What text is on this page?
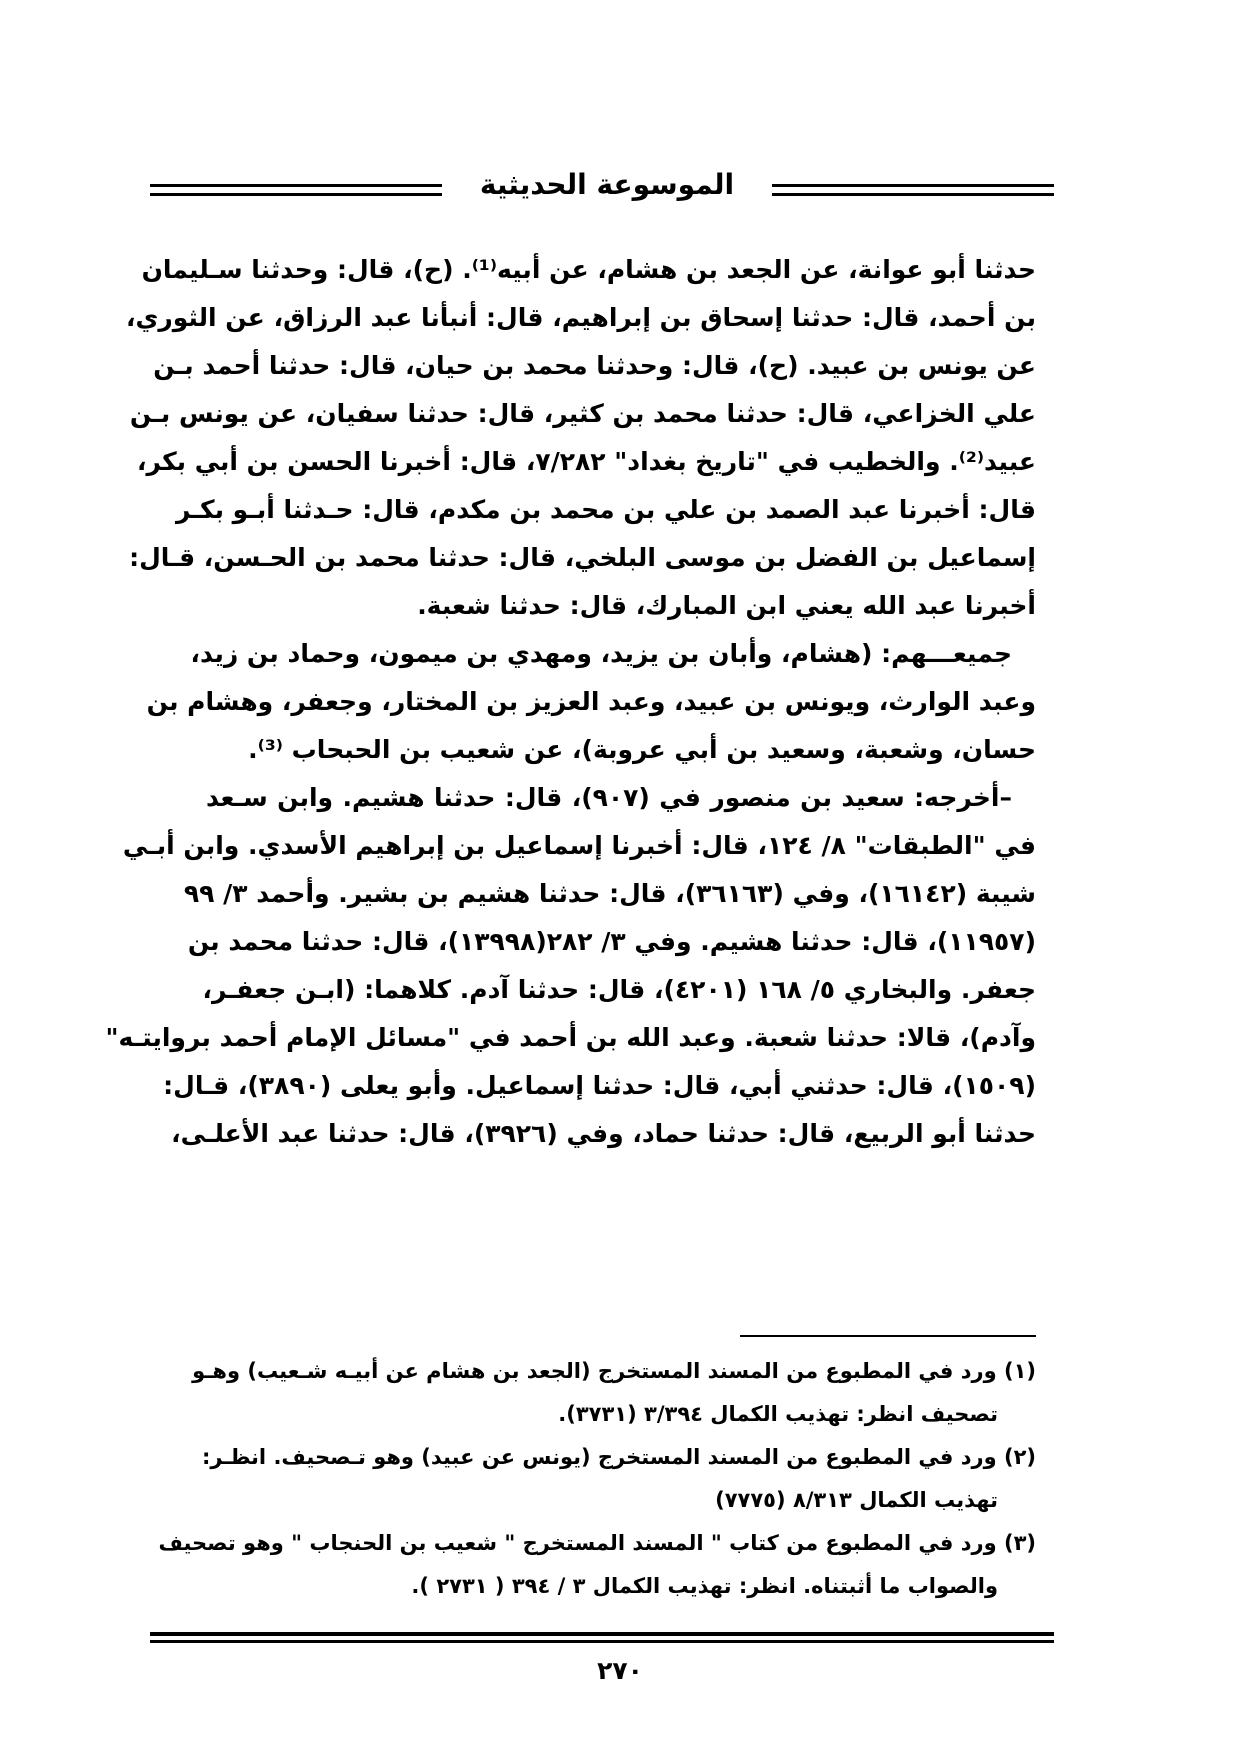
الموسوعة الحديثية
حدثنا أبو عوانة، عن الجعد بن هشام، عن أبيه⁽¹⁾. (ح)، قال: وحدثنا سـليمان
بن أحمد، قال: حدثنا إسحاق بن إبراهيم، قال: أنبأنا عبد الرزاق، عن الثوري،
عن يونس بن عبيد. (ح)، قال: وحدثنا محمد بن حيان، قال: حدثنا أحمد بـن
علي الخزاعي، قال: حدثنا محمد بن كثير، قال: حدثنا سفيان، عن يونس بـن
عبيد⁽²⁾. والخطيب في "تاريخ بغداد" ٧/٢٨٢، قال: أخبرنا الحسن بن أبي بكر،
قال: أخبرنا عبد الصمد بن علي بن محمد بن مكدم، قال: حـدثنا أبـو بكـر
إسماعيل بن الفضل بن موسى البلخي، قال: حدثنا محمد بن الحـسن، قـال:
أخبرنا عبد الله يعني ابن المبارك، قال: حدثنا شعبة.
جميعـــهم: (هشام، وأبان بن يزيد، ومهدي بن ميمون، وحماد بن زيد،
وعبد الوارث، ويونس بن عبيد، وعبد العزيز بن المختار، وجعفر، وهشام بن
حسان، وشعبة، وسعيد بن أبي عروبة)، عن شعيب بن الحبحاب ⁽³⁾.
–أخرجه: سعيد بن منصور في (٩٠٧)، قال: حدثنا هشيم. وابن سـعد
في "الطبقات" ٨/ ١٢٤، قال: أخبرنا إسماعيل بن إبراهيم الأسدي. وابن أبـي
شيبة (١٦١٤٢)، وفي (٣٦١٦٣)، قال: حدثنا هشيم بن بشير. وأحمد ٣/ ٩٩
(١١٩٥٧)، قال: حدثنا هشيم. وفي ٣/ ٢٨٢(١٣٩٩٨)، قال: حدثنا محمد بن
جعفر. والبخاري ٥/ ١٦٨ (٤٢٠١)، قال: حدثنا آدم. كلاهما: (ابـن جعفـر،
وآدم)، قالا: حدثنا شعبة. وعبد الله بن أحمد في "مسائل الإمام أحمد بروايتـه"
(١٥٠٩)، قال: حدثني أبي، قال: حدثنا إسماعيل. وأبو يعلى (٣٨٩٠)، قـال:
حدثنا أبو الربيع، قال: حدثنا حماد، وفي (٣٩٢٦)، قال: حدثنا عبد الأعلـى،
(١) ورد في المطبوع من المسند المستخرج (الجعد بن هشام عن أبيـه شـعيب) وهـو
تصحيف انظر: تهذيب الكمال ٣/٣٩٤ (٣٧٣١).
(٢) ورد في المطبوع من المسند المستخرج (يونس عن عبيد) وهو تـصحيف. انظـر:
تهذيب الكمال ٨/٣١٣ (٧٧٧٥)
(٣) ورد في المطبوع من كتاب " المسند المستخرج " شعيب بن الحنجاب " وهو تصحيف
والصواب ما أثبتناه. انظر: تهذيب الكمال ٣ / ٣٩٤ ( ٢٧٣١ ).
٢٧٠
